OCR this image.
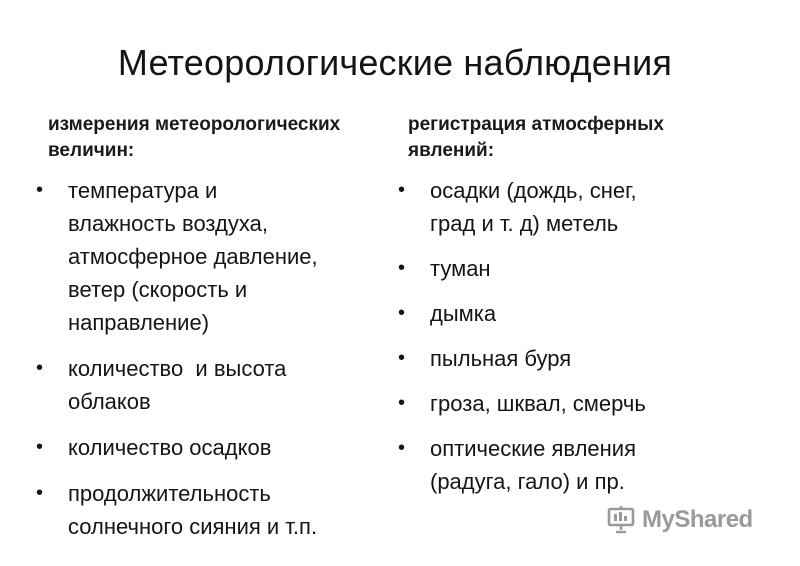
Метеорологические наблюдения
измерения метеорологических
величин:
регистрация атмосферных
явлений:
• температура и
влажность воздуха,
атмосферное давление,
ветер (скорость и
направление)
• количество  и высота
облаков
• количество осадков
• продолжительность
солнечного сияния и т.п.
• осадки (дождь, снег,
град и т. д) метель
• туман
• дымка
• пыльная буря
• гроза, шквал, смерчь
• оптические явления
(радуга, гало) и пр.
MyShared
